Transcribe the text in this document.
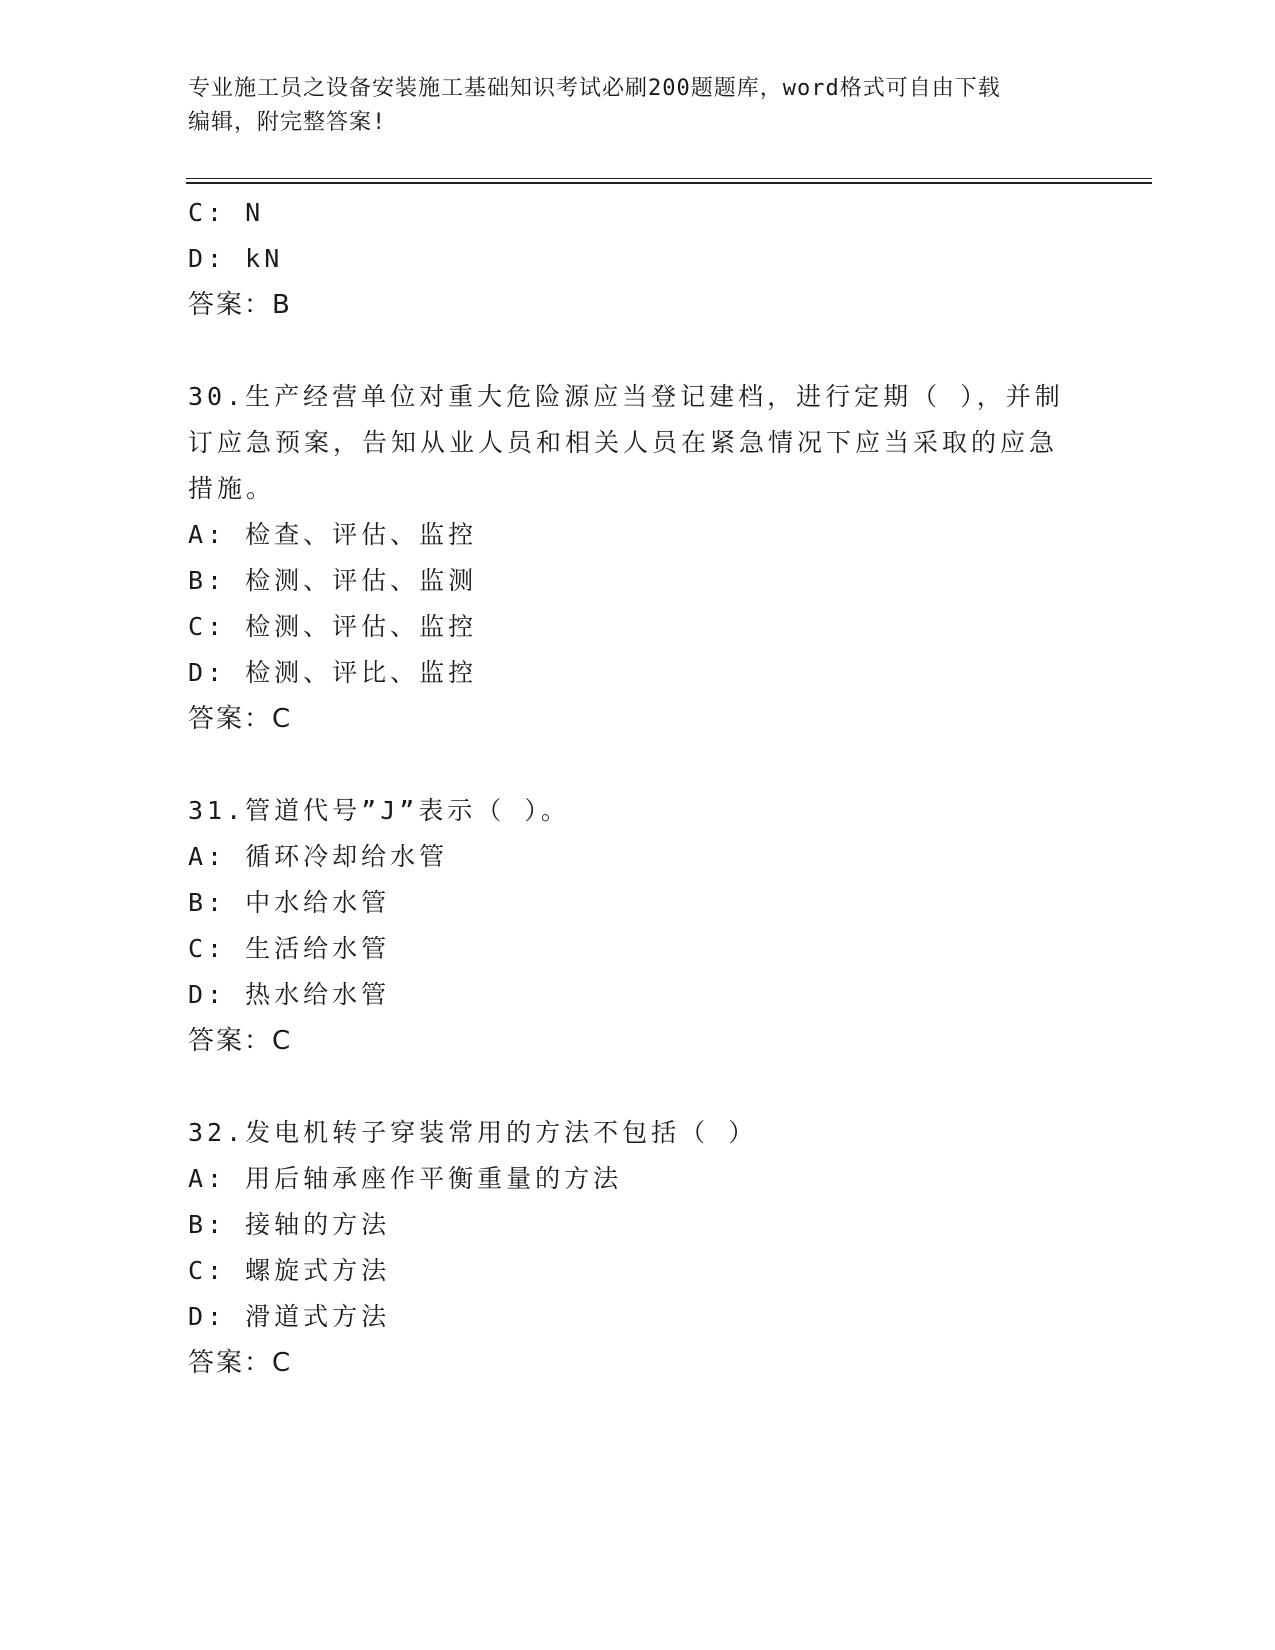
专业施工员之设备安装施工基础知识考试必刷200题题库，word格式可自由下载
编辑，附完整答案!
C: N
D: kN
答案：B
30.生产经营单位对重大危险源应当登记建档，进行定期（ ），并制
订应急预案，告知从业人员和相关人员在紧急情况下应当采取的应急
措施。
A: 检查、评估、监控
B: 检测、评估、监测
C: 检测、评估、监控
D: 检测、评比、监控
答案：C
31.管道代号”J”表示（ ）。
A: 循环冷却给水管
B: 中水给水管
C: 生活给水管
D: 热水给水管
答案：C
32.发电机转子穿装常用的方法不包括（ ）
A: 用后轴承座作平衡重量的方法
B: 接轴的方法
C: 螺旋式方法
D: 滑道式方法
答案：C
